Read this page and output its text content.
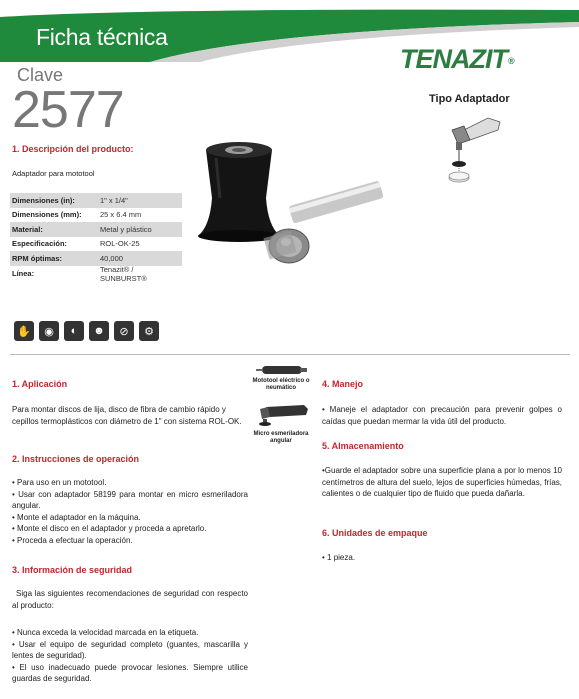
Ficha técnica
Clave
2577
TENAZIT®
Tipo Adaptador
1. Descripción del producto:
Adaptador para mototool
Dimensiones (in):	1" x 1/4"
Dimensiones (mm):	25 x 6.4 mm
Material:	Metal y plástico
Especificación:	ROL-OK-25
RPM óptimas:	40,000
Línea:	Tenazit® / SUNBURST®
✋	◉	◐	☻	⊘	⚙
Mototool eléctrico o neumático
Micro esmeriladora angular
1. Aplicación
Para montar discos de lija, disco de fibra de cambio rápido y cepillos termoplásticos con diámetro de 1" con sistema ROL-OK.
2. Instrucciones de operación
• Para uso en un mototool.
• Usar con adaptador 58199 para montar en micro esmeriladora angular.
• Monte el adaptador en la máquina.
• Monte el disco en el adaptador y proceda a apretarlo.
• Proceda a efectuar la operación.
3. Información de seguridad
Siga las siguientes recomendaciones de seguridad con respecto al producto:
• Nunca exceda la velocidad marcada en la etiqueta.
• Usar el equipo de seguridad completo (guantes, mascarilla y lentes de seguridad).
• El uso inadecuado puede provocar lesiones. Siempre utilice guardas de seguridad.
4. Manejo
• Maneje el adaptador con precaución para prevenir golpes o caídas que puedan mermar la vida útil del producto.
5. Almacenamiento
•Guarde el adaptador sobre una superficie plana a por lo menos 10 centímetros de altura del suelo, lejos de superficies húmedas, frías, calientes o de cualquier tipo de fluido que pueda dañarla.
6. Unidades de empaque
• 1 pieza.
